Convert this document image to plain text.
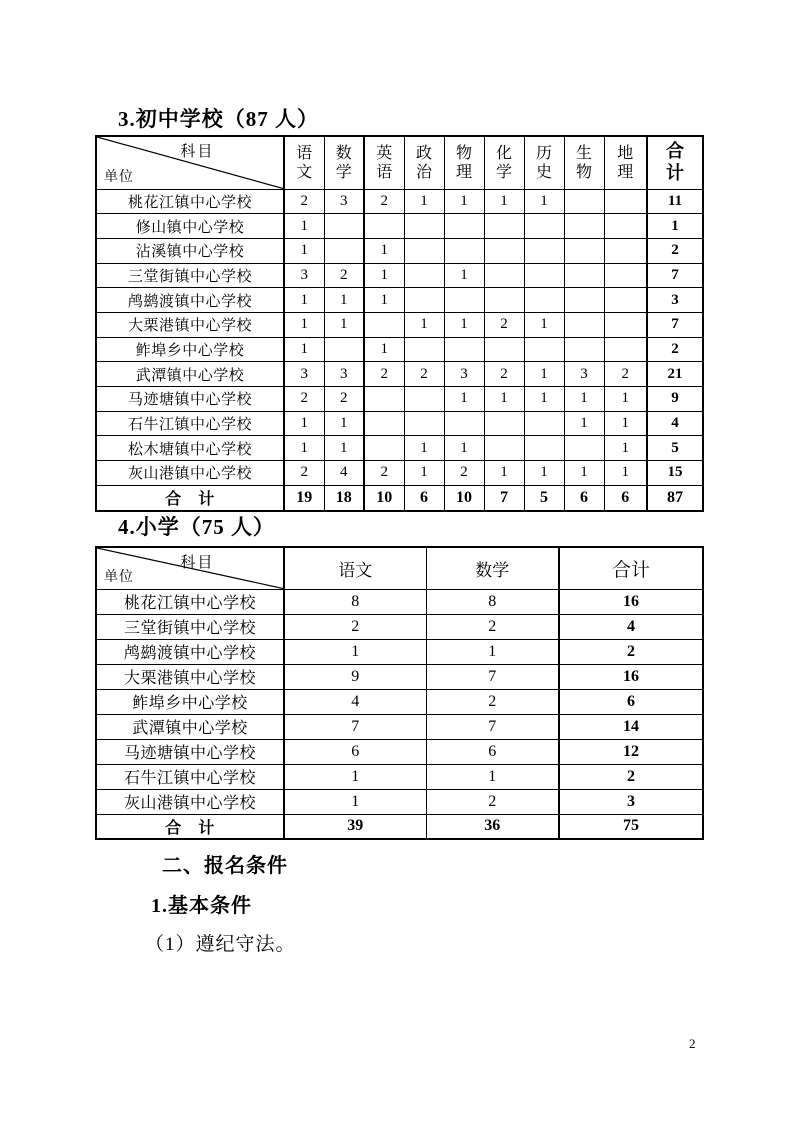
3.初中学校（87 人）
科目
单位	语文	数学	英语	政治	物理	化学	历史	生物	地理	合计
桃花江镇中心学校	2	3	2	1	1	1	1			11
修山镇中心学校	1									1
沾溪镇中心学校	1		1							2
三堂街镇中心学校	3	2	1		1					7
鸬鹚渡镇中心学校	1	1	1							3
大栗港镇中心学校	1	1		1	1	2	1			7
鲊埠乡中心学校	1		1							2
武潭镇中心学校	3	3	2	2	3	2	1	3	2	21
马迹塘镇中心学校	2	2			1	1	1	1	1	9
石牛江镇中心学校	1	1						1	1	4
松木塘镇中心学校	1	1		1	1				1	5
灰山港镇中心学校	2	4	2	1	2	1	1	1	1	15
合　计	19	18	10	6	10	7	5	6	6	87
4.小学（75 人）
科目
单位	语文	数学	合计
桃花江镇中心学校	8	8	16
三堂街镇中心学校	2	2	4
鸬鹚渡镇中心学校	1	1	2
大栗港镇中心学校	9	7	16
鲊埠乡中心学校	4	2	6
武潭镇中心学校	7	7	14
马迹塘镇中心学校	6	6	12
石牛江镇中心学校	1	1	2
灰山港镇中心学校	1	2	3
合　计	39	36	75
二、报名条件
1.基本条件
（1）遵纪守法。
2
